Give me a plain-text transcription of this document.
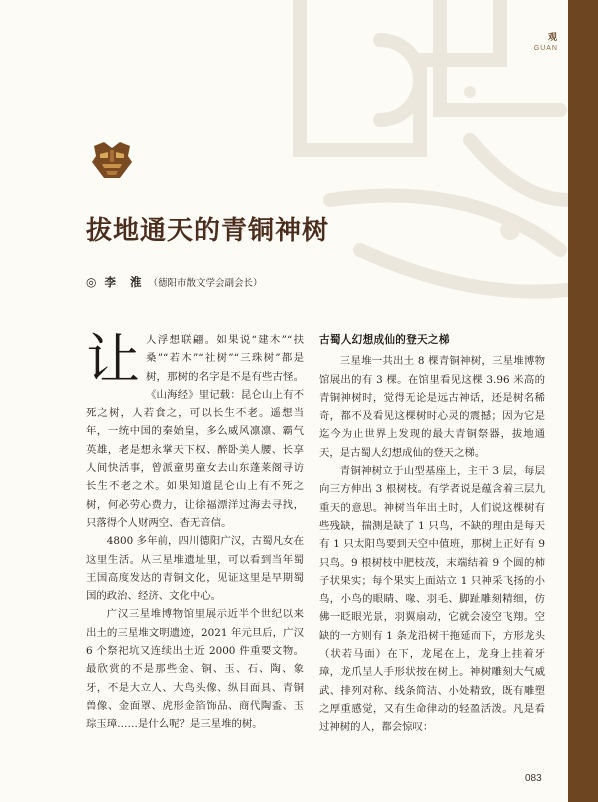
观
GUAN
拔地通天的青铜神树
◎ 李 淮 （德阳市散文学会副会长）

让人浮想联翩。如果说“建木”“扶桑”“若木”“社树”“三珠树”都是树，那树的名字是不是有些古怪。《山海经》里记载：昆仑山上有不死之树，人若食之，可以长生不老。遥想当年，一统中国的秦始皇，多么威风凛凛、霸气英雄，老是想永掌天下权、醉卧美人腰、长享人间快活事，曾派童男童女去山东蓬莱阁寻访长生不老之术。如果知道昆仑山上有不死之树，何必劳心费力，让徐福漂洋过海去寻找，只落得个人财两空、杳无音信。

4800 多年前，四川德阳广汉，古蜀凡女在这里生活。从三星堆遗址里，可以看到当年蜀王国高度发达的青铜文化，见证这里是早期蜀国的政治、经济、文化中心。

广汉三星堆博物馆里展示近半个世纪以来出土的三星堆文明遗迹，2021 年元旦后，广汉 6 个祭祀坑又连续出土近 2000 件重要文物。最欣赏的不是那些金、铜、玉、石、陶、象牙，不是大立人、大鸟头像、纵目面具、青铜兽像、金面罩、虎形金箔饰品、商代陶盉、玉琮玉璋……是什么呢？是三星堆的树。

古蜀人幻想成仙的登天之梯

三星堆一共出土 8 棵青铜神树，三星堆博物馆展出的有 3 棵。在馆里看见这棵 3.96 米高的青铜神树时，觉得无论是远古神话，还是树名稀奇，都不及看见这棵树时心灵的震撼；因为它是迄今为止世界上发现的最大青铜祭器，拔地通天，是古蜀人幻想成仙的登天之梯。

青铜神树立于山型基座上，主干 3 层，每层向三方伸出 3 根树枝。有学者说是蕴含着三层九重天的意思。神树当年出土时，人们说这棵树有些残缺，揣测是缺了 1 只鸟，不缺的理由是每天有 1 只太阳鸟要到天空中值班，那树上正好有 9 只鸟。9 根树枝中肥枝茂，末端结着 9 个圆的柿子状果实；每个果实上面站立 1 只神采飞扬的小鸟，小鸟的眼睛、喙、羽毛、脚趾雕刻精细，仿佛一眨眼光景，羽翼扇动，它就会凌空飞翔。空缺的一方则有 1 条龙沿树干拖延而下，方形龙头（状若马面）在下，龙尾在上，龙身上挂着牙璋，龙爪呈人手形状按在树上。神树雕刻大气威武、排列对称、线条简洁、小处精致，既有雕塑之厚重感觉，又有生命律动的轻盈活泼。凡是看过神树的人，都会惊叹：

083
